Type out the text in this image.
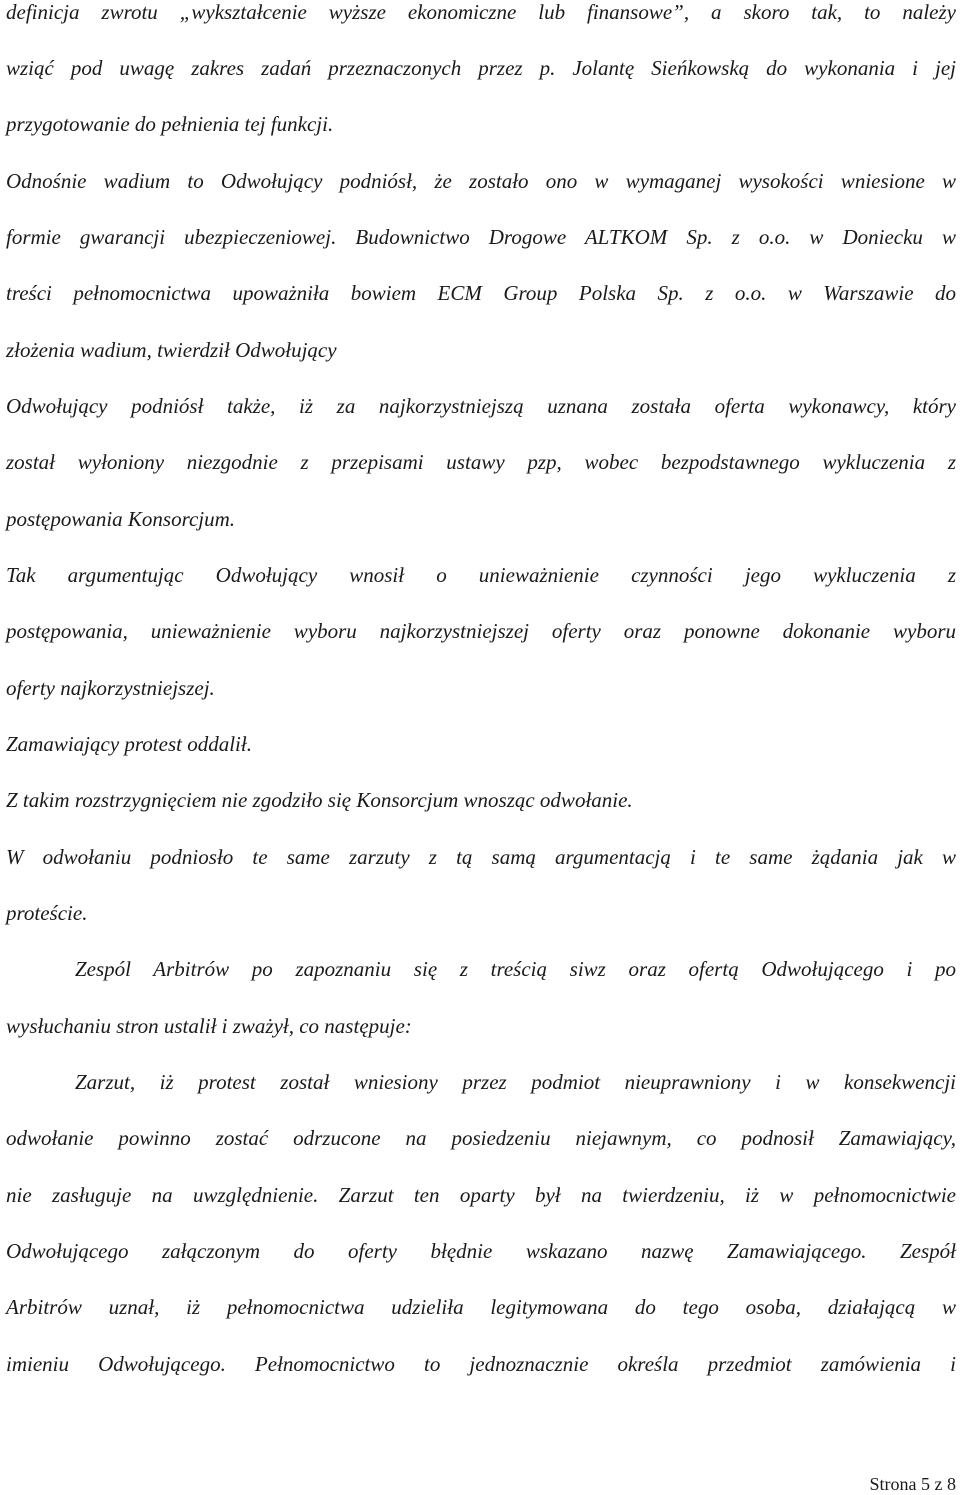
definicja zwrotu „wykształcenie wyższe ekonomiczne lub finansowe”, a skoro tak, to należy
wziąć pod uwagę zakres zadań przeznaczonych przez p. Jolantę Sieńkowską do wykonania i jej
przygotowanie do pełnienia tej funkcji.
Odnośnie wadium to Odwołujący podniósł, że zostało ono w wymaganej wysokości wniesione w
formie gwarancji ubezpieczeniowej. Budownictwo Drogowe ALTKOM Sp. z o.o. w Doniecku w
treści pełnomocnictwa upoważniła bowiem ECM Group Polska Sp. z o.o. w Warszawie do
złożenia wadium, twierdził Odwołujący
Odwołujący podniósł także, iż za najkorzystniejszą uznana została oferta wykonawcy, który
został wyłoniony niezgodnie z przepisami ustawy pzp, wobec bezpodstawnego wykluczenia z
postępowania Konsorcjum.
Tak argumentując Odwołujący wnosił o unieważnienie czynności jego wykluczenia z
postępowania, unieważnienie wyboru najkorzystniejszej oferty oraz ponowne dokonanie wyboru
oferty najkorzystniejszej.
Zamawiający protest oddalił.
Z takim rozstrzygnięciem nie zgodziło się Konsorcjum wnosząc odwołanie.
W odwołaniu podniosło te same zarzuty z tą samą argumentacją i te same żądania jak w
proteście.
Zespól Arbitrów po zapoznaniu się z treścią siwz oraz ofertą Odwołującego i po
wysłuchaniu stron ustalił i zważył, co następuje:
Zarzut, iż protest został wniesiony przez podmiot nieuprawniony i w konsekwencji
odwołanie powinno zostać odrzucone na posiedzeniu niejawnym, co podnosił Zamawiający,
nie zasługuje na uwzględnienie. Zarzut ten oparty był na twierdzeniu, iż w pełnomocnictwie
Odwołującego załączonym do oferty błędnie wskazano nazwę Zamawiającego. Zespół
Arbitrów uznał, iż pełnomocnictwa udzieliła legitymowana do tego osoba, działającą w
imieniu Odwołującego. Pełnomocnictwo to jednoznacznie określa przedmiot zamówienia i
Strona 5 z 8
